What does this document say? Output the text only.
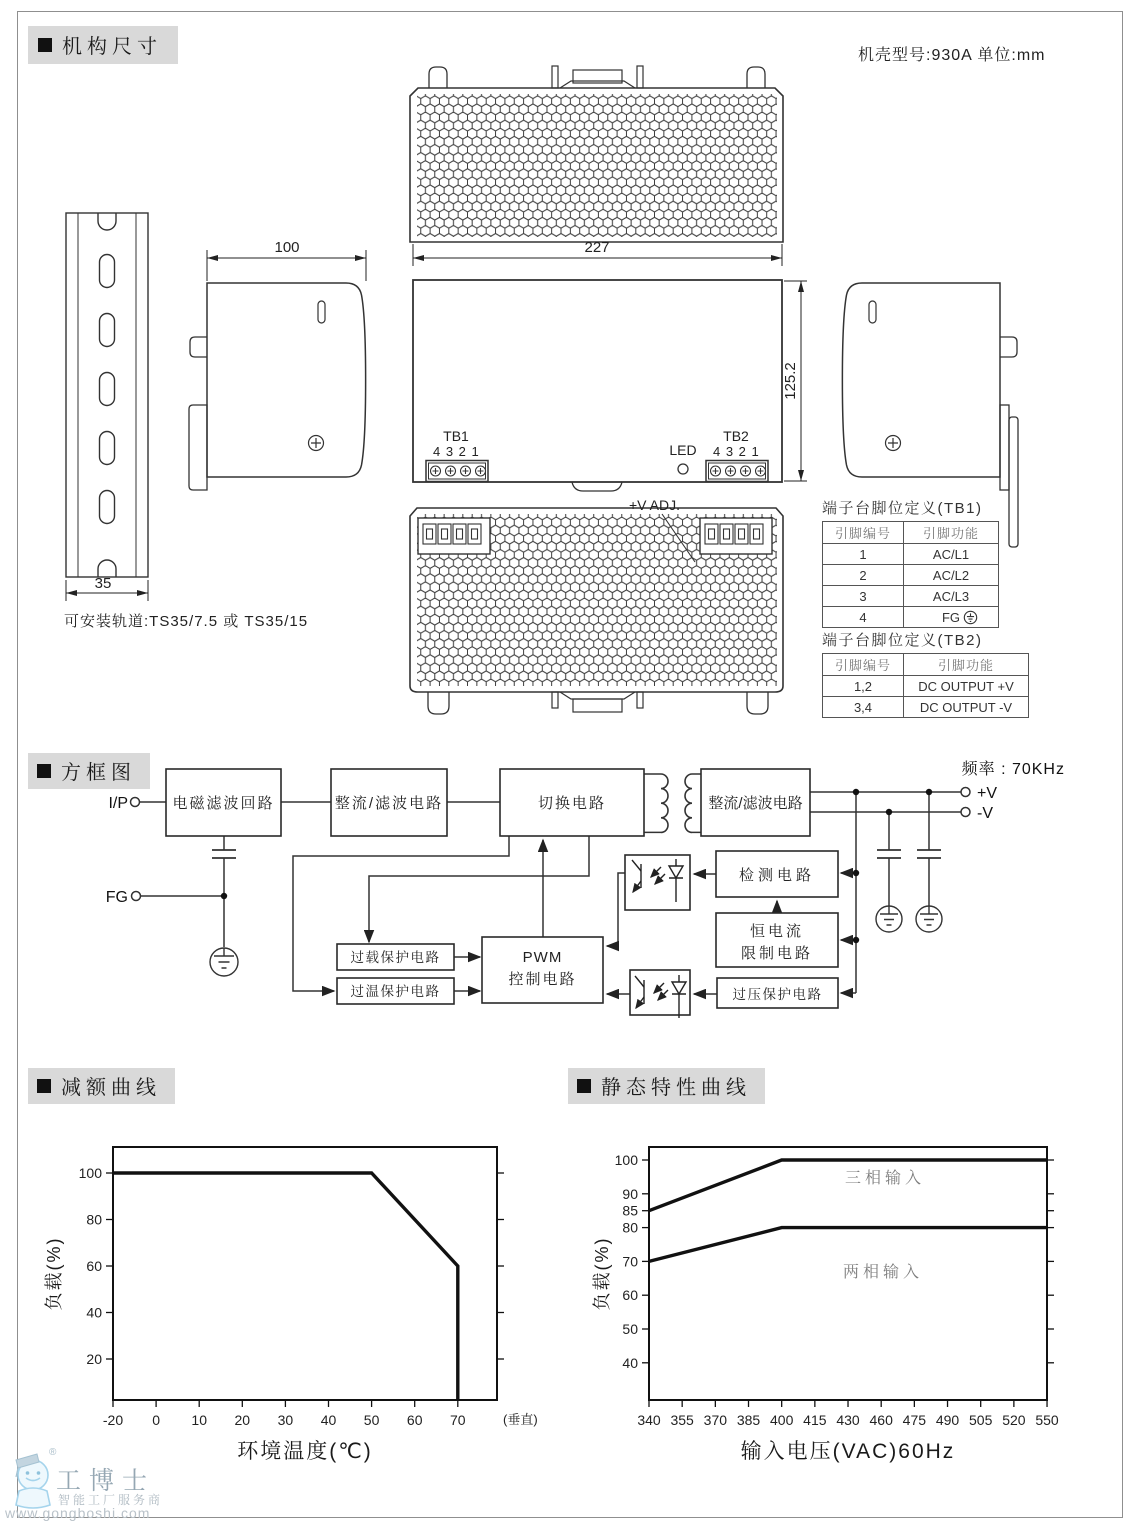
机构尺寸	机壳型号:930A 单位:mm
35
100	227
TB1
4 3 2 1
TB2
4 3 2 1
LED
125.2
+V ADJ.
可安装轨道:TS35/7.5 或 TS35/15
端子台脚位定义(TB1)
引脚编号	引脚功能
1	AC/L1
2	AC/L2
3	AC/L3
4	FG
端子台脚位定义(TB2)
引脚编号	引脚功能
1,2	DC OUTPUT +V
3,4	DC OUTPUT -V
方框图
I/P
FG
+V
-V
频率 : 70KHz
电磁滤波回路	整流/滤波电路	切换电路	整流/滤波电路
检测电路
恒电流
限制电路
过载保护电路
过温保护电路
PWM
控制电路
过压保护电路
减额曲线	静态特性曲线
-20 0 10 20 30 40 50 60 70
100
80
60
40
20
(垂直)
环境温度(℃)
负载(%)
340 355 370 385 400 415 430 460 475 490 505 520 550
100
90
85
80
70
60
50
40
输入电压(VAC)60Hz
负载(%)
三相输入
两相输入
®
工博士
智能工厂服务商
www.gongboshi.com
